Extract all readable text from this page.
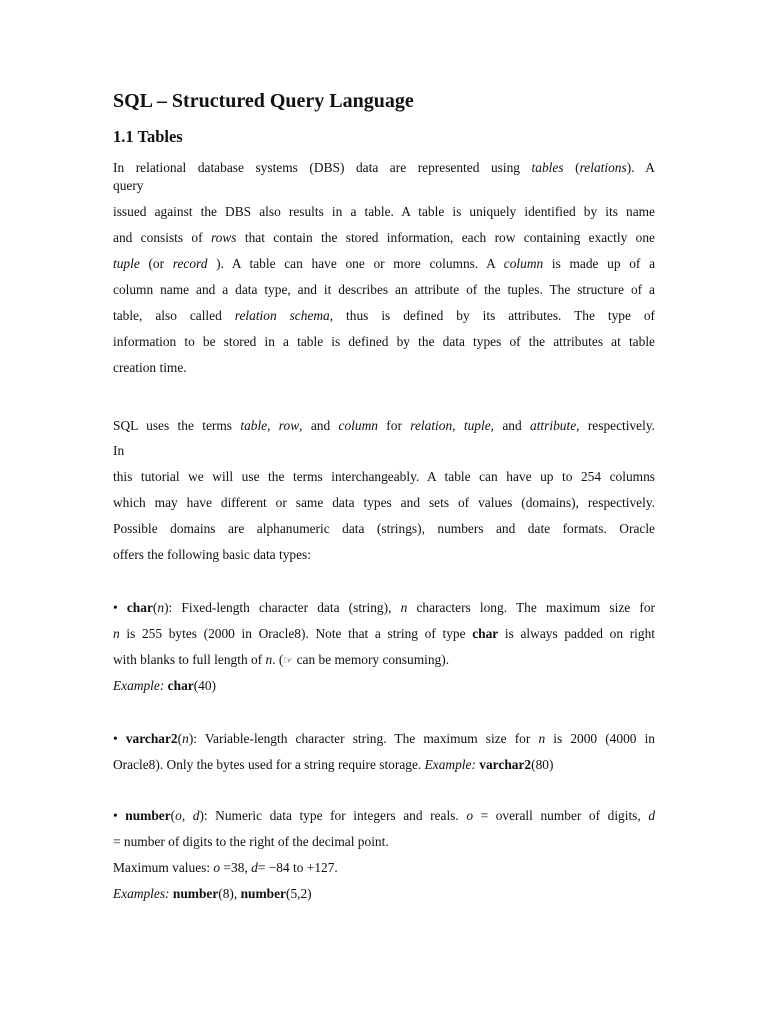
SQL – Structured Query Language
1.1 Tables
In relational database systems (DBS) data are represented using tables (relations). A
query
issued against the DBS also results in a table. A table is uniquely identified by its name
and consists of rows that contain the stored information, each row containing exactly one
tuple (or record ). A table can have one or more columns. A column is made up of a
column name and a data type, and it describes an attribute of the tuples. The structure of a
table, also called relation schema, thus is defined by its attributes. The type of
information to be stored in a table is defined by the data types of the attributes at table
creation time.
SQL uses the terms table, row, and column for relation, tuple, and attribute, respectively.
In
this tutorial we will use the terms interchangeably. A table can have up to 254 columns
which may have different or same data types and sets of values (domains), respectively.
Possible domains are alphanumeric data (strings), numbers and date formats. Oracle
offers the following basic data types:
• char(n): Fixed-length character data (string), n characters long. The maximum size for
n is 255 bytes (2000 in Oracle8). Note that a string of type char is always padded on right
with blanks to full length of n. (☞ can be memory consuming).
Example: char(40)
• varchar2(n): Variable-length character string. The maximum size for n is 2000 (4000 in
Oracle8). Only the bytes used for a string require storage. Example: varchar2(80)
• number(o, d): Numeric data type for integers and reals. o = overall number of digits, d
= number of digits to the right of the decimal point.
Maximum values: o =38, d= −84 to +127.
Examples: number(8), number(5,2)
